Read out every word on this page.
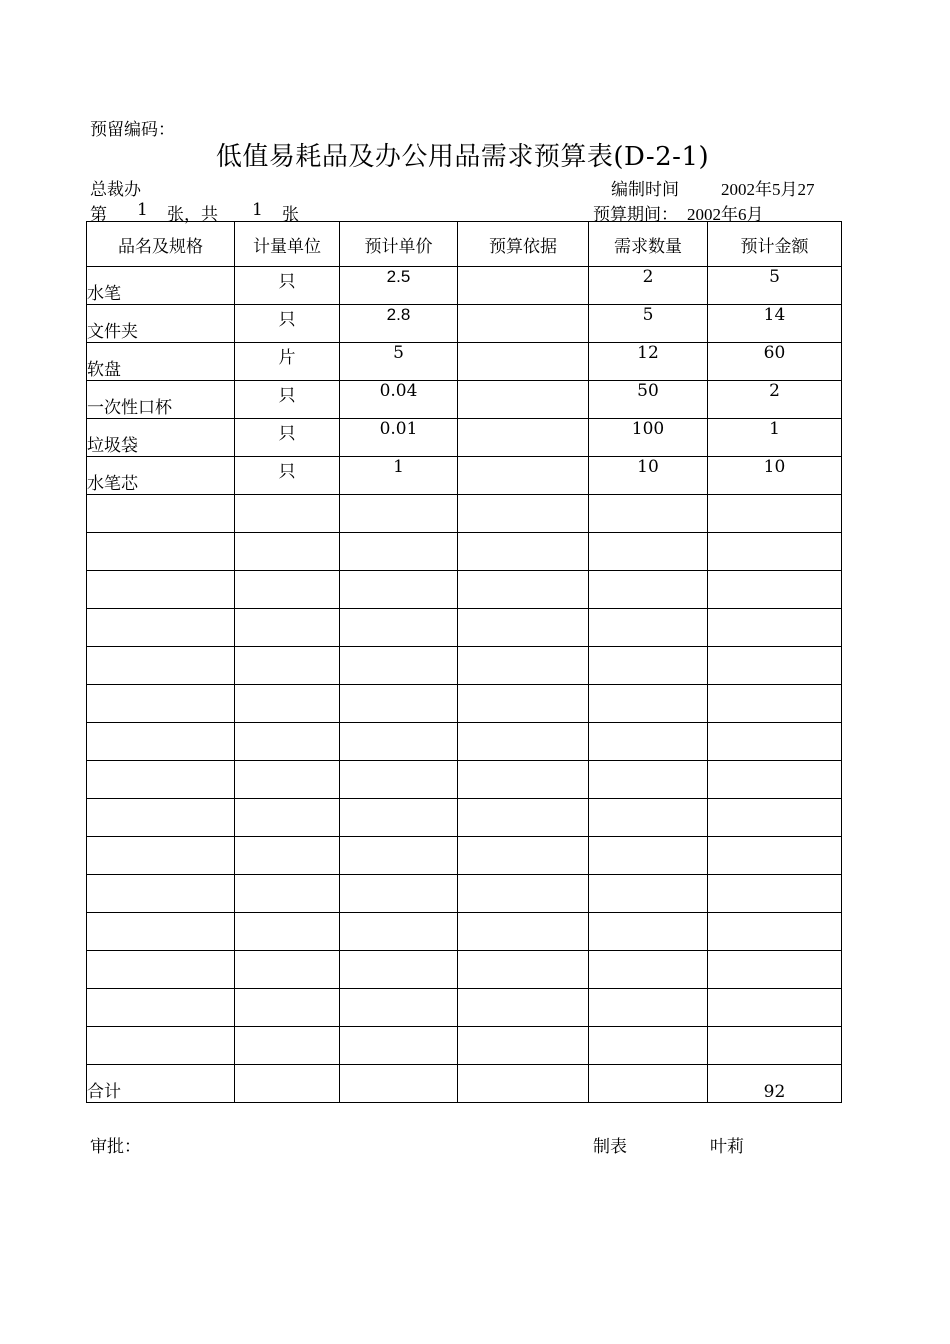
预留编码：
低值易耗品及办公用品需求预算表(D-2-1)
总裁办	编制时间 2002年5月27
第 1 张，共 1 张	预算期间： 2002年6月
品名及规格	计量单位	预计单价	预算依据	需求数量	预计金额
水笔	只	2.5		2	5
文件夹	只	2.8		5	14
软盘	片	5		12	60
一次性口杯	只	0.04		50	2
垃圾袋	只	0.01		100	1
水笔芯	只	1		10	10

合计					92
审批：	制表	叶莉
